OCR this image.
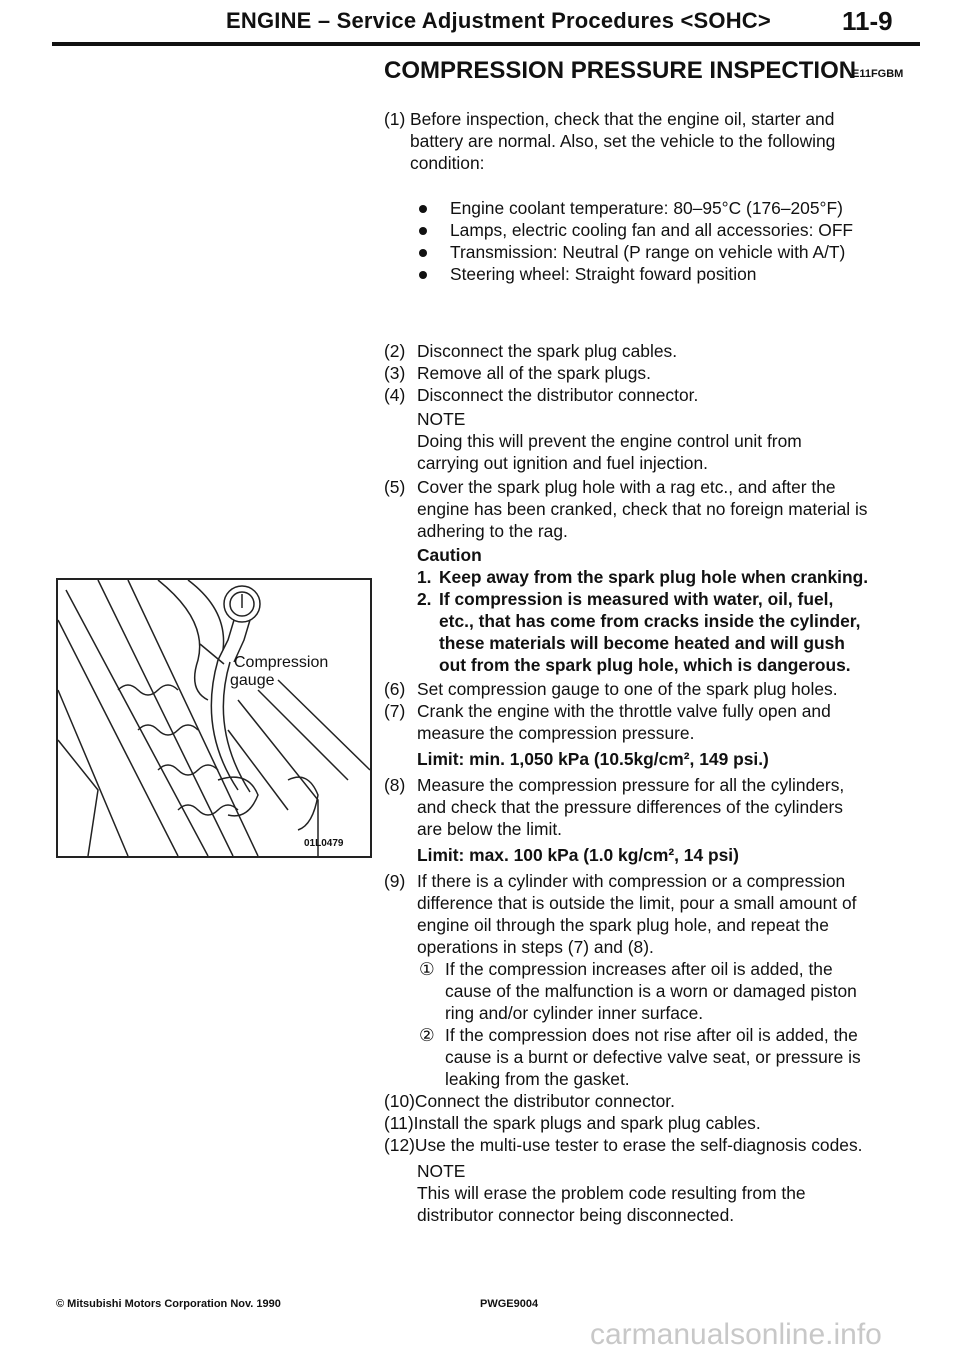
ENGINE – Service Adjustment Procedures <SOHC>	11-9
COMPRESSION PRESSURE INSPECTION
E11FGBM
(1) Before inspection, check that the engine oil, starter and
battery are normal. Also, set the vehicle to the following
condition:
Engine coolant temperature: 80–95°C (176–205°F)
Lamps, electric cooling fan and all accessories: OFF
Transmission: Neutral (P range on vehicle with A/T)
Steering wheel: Straight foward position
(2) Disconnect the spark plug cables.
(3) Remove all of the spark plugs.
(4) Disconnect the distributor connector.
NOTE
Doing this will prevent the engine control unit from
carrying out ignition and fuel injection.
(5) Cover the spark plug hole with a rag etc., and after the
engine has been cranked, check that no foreign material is
adhering to the rag.
Caution
1. Keep away from the spark plug hole when cranking.
2. If compression is measured with water, oil, fuel,
etc., that has come from cracks inside the cylinder,
these materials will become heated and will gush
out from the spark plug hole, which is dangerous.
(6) Set compression gauge to one of the spark plug holes.
(7) Crank the engine with the throttle valve fully open and
measure the compression pressure.
Limit: min. 1,050 kPa (10.5kg/cm², 149 psi.)
(8) Measure the compression pressure for all the cylinders,
and check that the pressure differences of the cylinders
are below the limit.
Limit: max. 100 kPa (1.0 kg/cm², 14 psi)
(9) If there is a cylinder with compression or a compression
difference that is outside the limit, pour a small amount of
engine oil through the spark plug hole, and repeat the
operations in steps (7) and (8).
① If the compression increases after oil is added, the
cause of the malfunction is a worn or damaged piston
ring and/or cylinder inner surface.
② If the compression does not rise after oil is added, the
cause is a burnt or defective valve seat, or pressure is
leaking from the gasket.
(10)Connect the distributor connector.
(11)Install the spark plugs and spark plug cables.
(12)Use the multi-use tester to erase the self-diagnosis codes.
NOTE
This will erase the problem code resulting from the
distributor connector being disconnected.
Compression
gauge
01L0479
© Mitsubishi Motors Corporation Nov. 1990	PWGE9004
carmanualsonline.info
